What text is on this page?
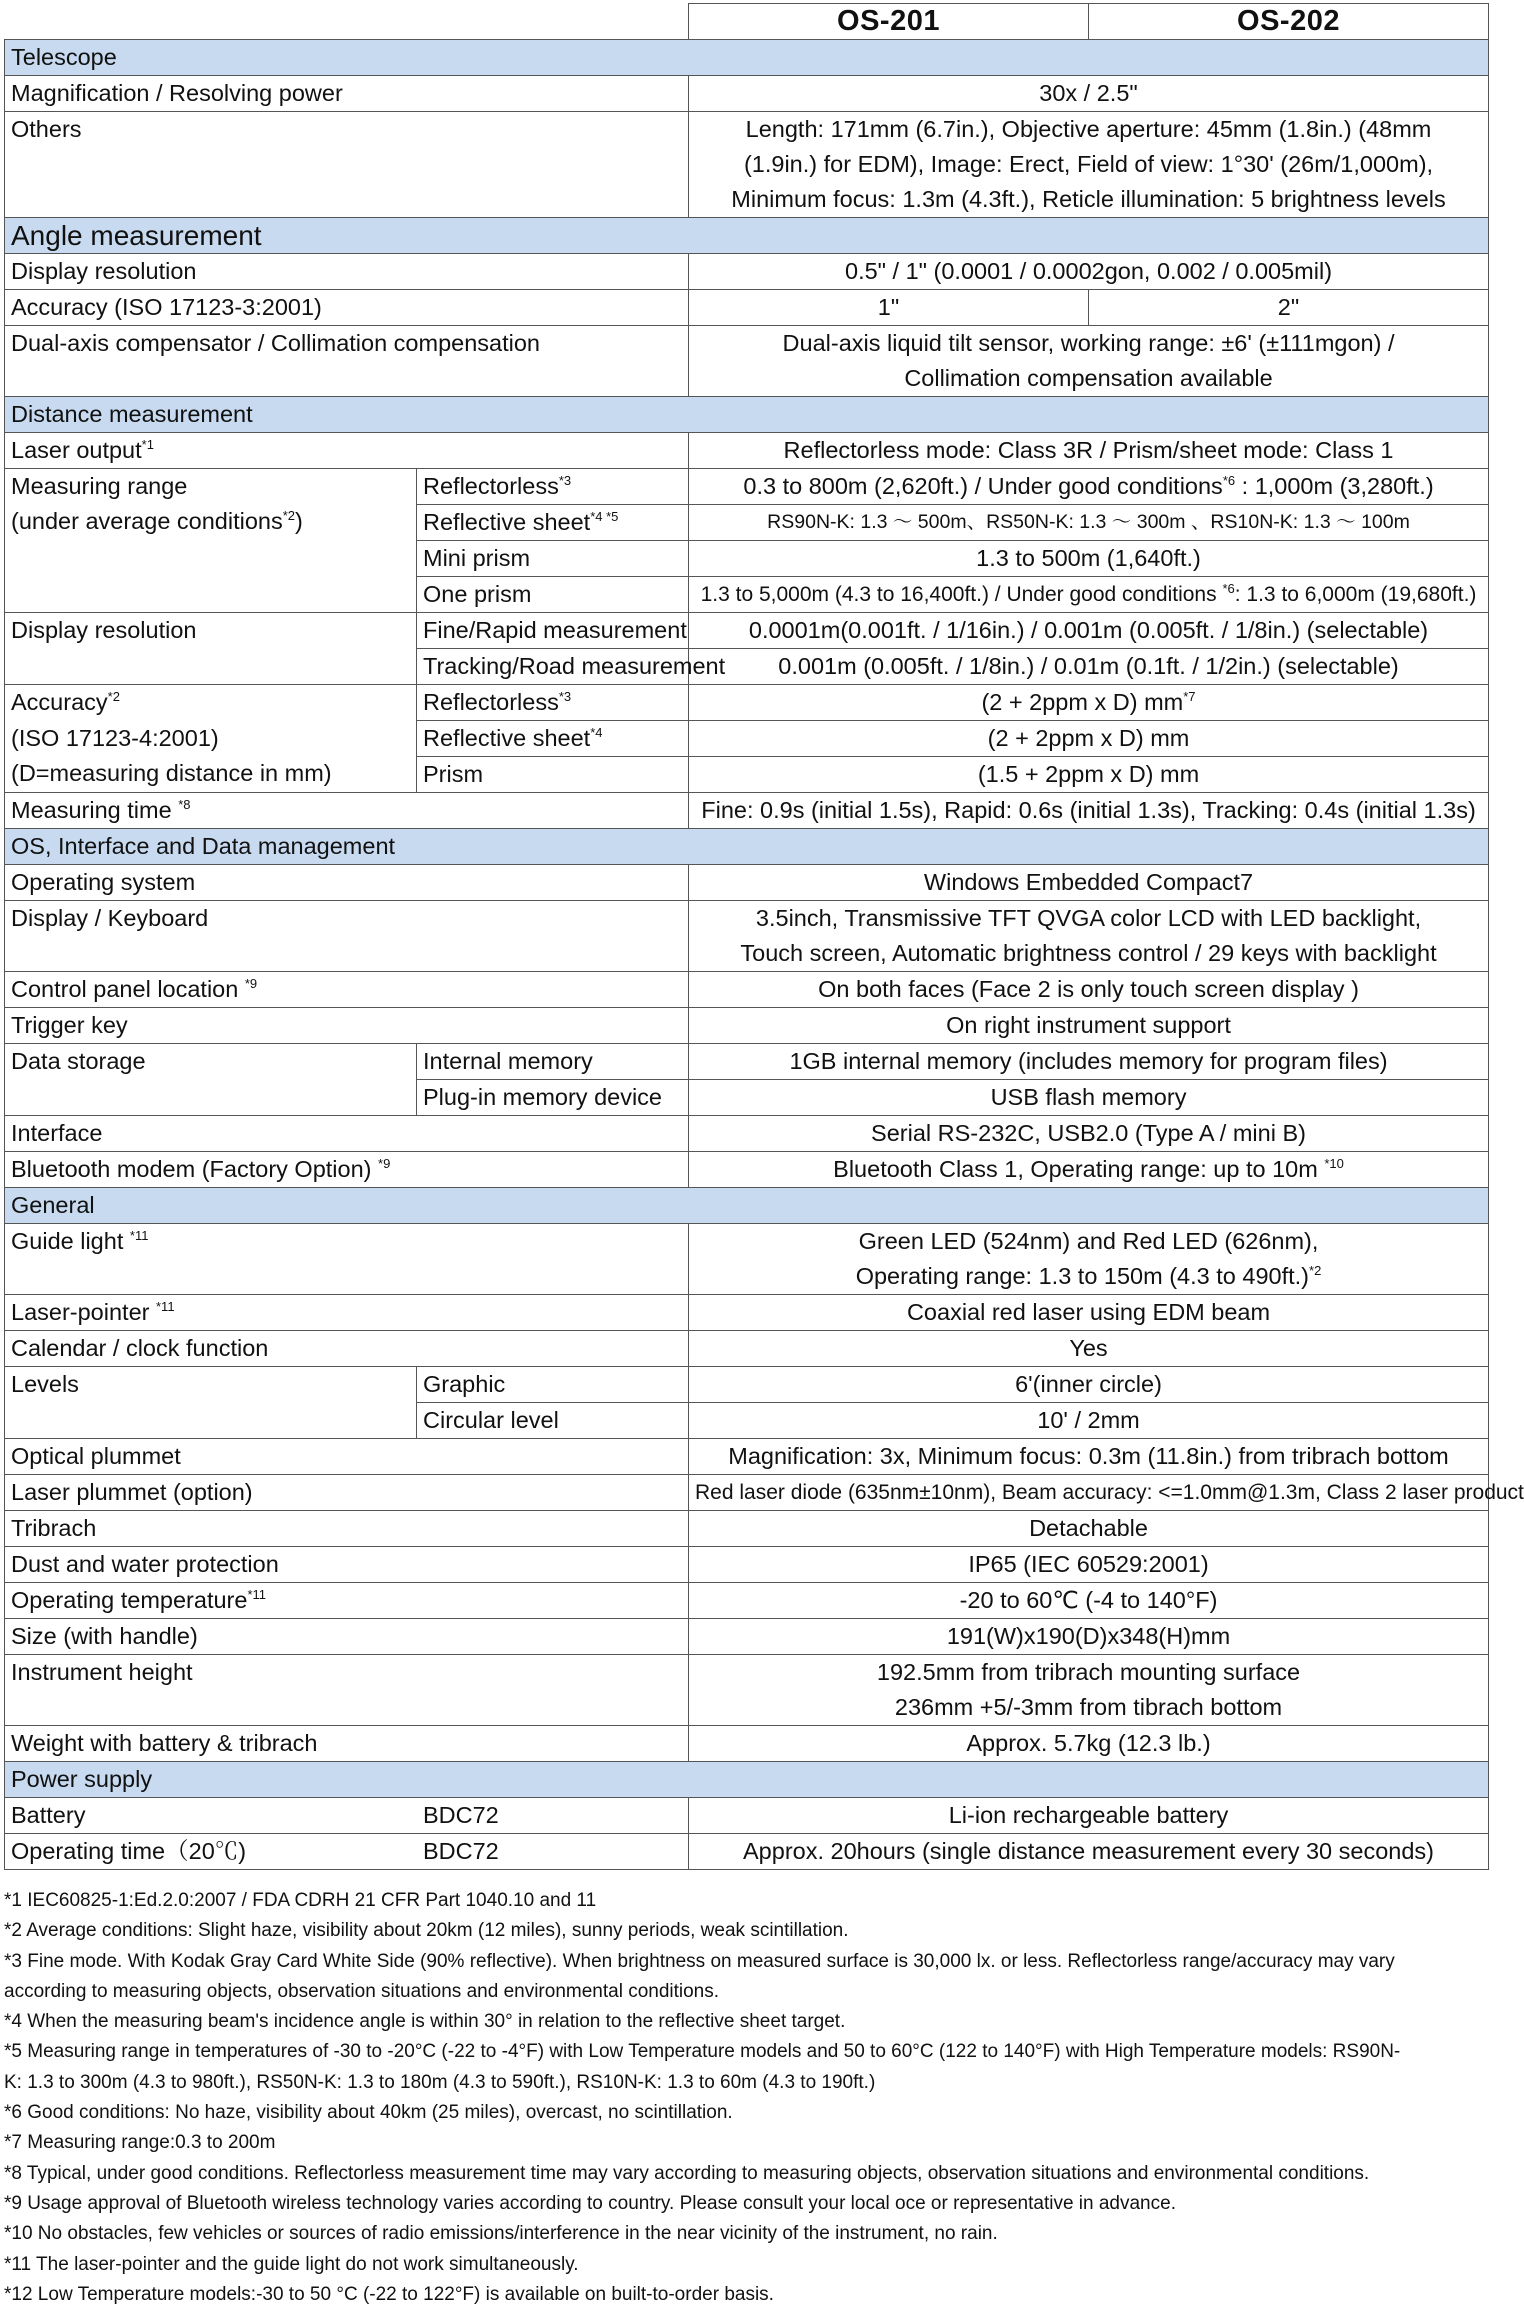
		OS-201	OS-202
Telescope			
Magnification / Resolving power		30x / 2.5"	
Others		Length: 171mm (6.7in.), Objective aperture: 45mm (1.8in.) (48mm
(1.9in.) for EDM), Image: Erect, Field of view: 1°30' (26m/1,000m),
Minimum focus: 1.3m (4.3ft.), Reticle illumination: 5 brightness levels	

Angle measurement			
Display resolution		0.5" / 1" (0.0001 / 0.0002gon, 0.002 / 0.005mil)	
Accuracy (ISO 17123-3:2001)		1"	2"
Dual-axis compensator / Collimation compensation		Dual-axis liquid tilt sensor, working range: ±6' (±111mgon) /
Collimation compensation available	

Distance measurement			
Laser output$^{*1}$		Reflectorless mode: Class 3R / Prism/sheet mode: Class 1	

Measuring range
(under average conditions$^{*2}$)	Reflectorless$^{*3}$	0.3 to 800m (2,620ft.) / Under good conditions$^{*6}$ : 1,000m (3,280ft.)	
	Reflective sheet$^{*4 *5}$	RS90N-K: 1.3 ～ 500m、RS50N-K: 1.3 ～ 300m 、RS10N-K: 1.3 ～ 100m	
	Mini prism	1.3 to 500m (1,640ft.)	
	One prism	1.3 to 5,000m (4.3 to 16,400ft.) / Under good conditions $^{*6}$: 1.3 to 6,000m (19,680ft.)	
Display resolution	Fine/Rapid measurement	0.0001m(0.001ft. / 1/16in.) / 0.001m (0.005ft. / 1/8in.) (selectable)	
	Tracking/Road measurement	0.001m (0.005ft. / 1/8in.) / 0.01m (0.1ft. / 1/2in.) (selectable)	

Accuracy$^{*2}$
(ISO 17123-4:2001)
(D=measuring distance in mm)	Reflectorless$^{*3}$	(2 + 2ppm x D) $mm^{*7}$
	Reflective sheet$^{*4}$	(2 + 2ppm x D) mm	
	Prism	(1.5 + 2ppm x D) mm	
Measuring time $^{*8}$		Fine: 0.9s (initial 1.5s), Rapid: 0.6s (initial 1.3s), Tracking: 0.4s (initial 1.3s)	
OS, Interface and Data management			
Operating system		Windows Embedded Compact7	
Display / Keyboard		3.5inch, Transmissive TFT QVGA color LCD with LED backlight,
Touch screen, Automatic brightness control / 29 keys with backlight	

Control panel location $^{*9}$		On both faces (Face 2 is only touch screen display )	
Trigger key		On right instrument support	
Data storage	Internal memory	1GB internal memory (includes memory for program files)	
	Plug-in memory device	USB flash memory	
Interface		Serial RS-232C, USB2.0 (Type A / mini B)	
Bluetooth modem (Factory Option) $^{*9}$		Bluetooth Class 1, Operating range: up to 10m $^{*10}$
General			
Guide light $^{*11}$		Green LED (524nm) and Red LED (626nm),
Operating range: 1.3 to 150m (4.3 to 490ft.)$^{*2}$

Laser-pointer $^{*11}$		Coaxial red laser using EDM beam	
Calendar / clock function		Yes	
Levels	Graphic	6'(inner circle)	
	Circular level	10' / 2mm	
Optical plummet		Magnification: 3x, Minimum focus: 0.3m (11.8in.) from tribrach bottom	
Laser plummet (option)		Red laser diode (635nm±10nm), Beam accuracy: <=1.0mm@1.3m, Class 2 laser product	
Tribrach		Detachable	
Dust and water protection		IP65 (IEC 60529:2001)	
Operating temperature$^{*11}$		-20 to 60℃ (-4 to 140°F)	
Size (with handle)		191(W)x190(D)x348(H)mm	
Instrument height		192.5mm from tribrach mounting surface
236mm +5/-3mm from tibrach bottom	

Weight with battery & tribrach		Approx. 5.7kg (12.3 lb.)	
Power supply			
Battery	BDC72	Li-ion rechargeable battery	
Operating time（20℃)	BDC72	Approx. 20hours (single distance measurement every 30 seconds)	
*1 IEC60825-1:Ed.2.0:2007 / FDA CDRH 21 CFR Part 1040.10 and 11
*2 Average conditions: Slight haze, visibility about 20km (12 miles), sunny periods, weak scintillation.
*3 Fine mode. With Kodak Gray Card White Side (90% reflective). When brightness on measured surface is 30,000 lx. or less. Reflectorless range/accuracy may vary according to measuring objects, observation situations and environmental conditions.
*4 When the measuring beam's incidence angle is within 30° in relation to the reflective sheet target.
*5 Measuring range in temperatures of -30 to -20°C (-22 to -4°F) with Low Temperature models and 50 to 60°C (122 to 140°F) with High Temperature models: RS90N-K: 1.3 to 300m (4.3 to 980ft.), RS50N-K: 1.3 to 180m (4.3 to 590ft.), RS10N-K: 1.3 to 60m (4.3 to 190ft.)
*6 Good conditions: No haze, visibility about 40km (25 miles), overcast, no scintillation.
*7 Measuring range:0.3 to 200m
*8 Typical, under good conditions. Reflectorless measurement time may vary according to measuring objects, observation situations and environmental conditions.
*9 Usage approval of Bluetooth wireless technology varies according to country. Please consult your local oce or representative in advance.
*10 No obstacles, few vehicles or sources of radio emissions/interference in the near vicinity of the instrument, no rain.
*11 The laser-pointer and the guide light do not work simultaneously.
*12 Low Temperature models:-30 to 50 °C (-22 to 122°F) is available on built-to-order basis.
